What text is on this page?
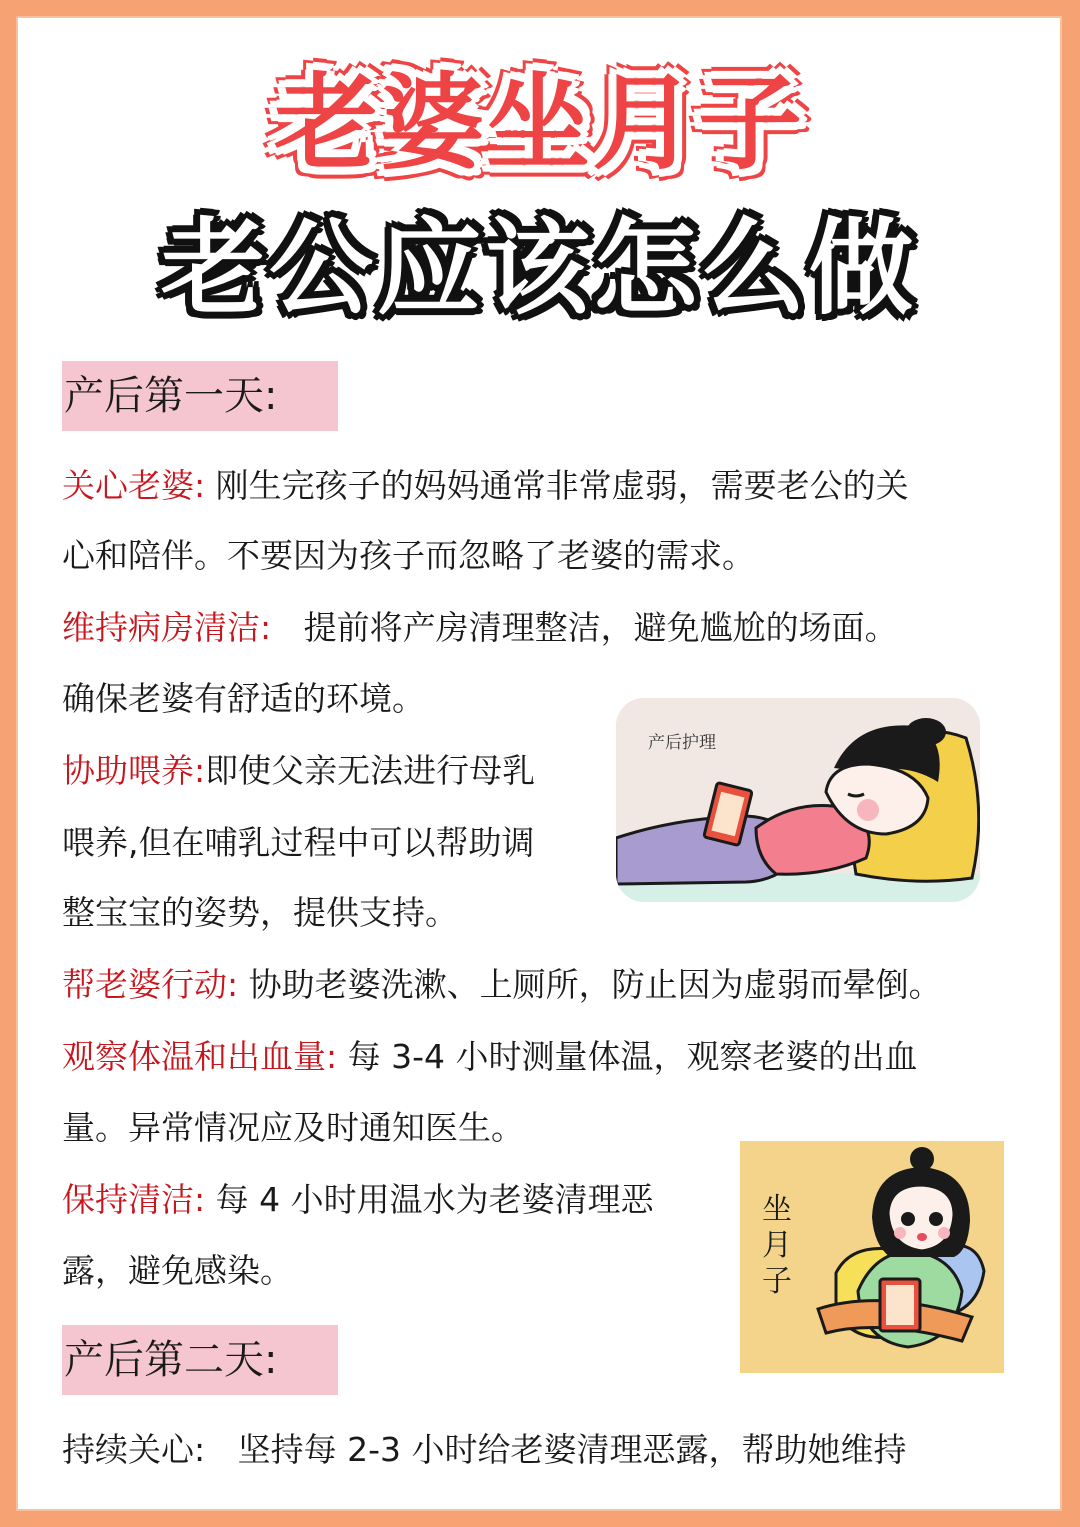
老婆坐月子
老公应该怎么做
产后第一天:
关心老婆: 刚生完孩子的妈妈通常非常虚弱，需要老公的关
心和陪伴。不要因为孩子而忽略了老婆的需求。
维持病房清洁: 提前将产房清理整洁，避免尴尬的场面。
确保老婆有舒适的环境。
协助喂养:即使父亲无法进行母乳
喂养,但在哺乳过程中可以帮助调
整宝宝的姿势，提供支持。
帮老婆行动: 协助老婆洗漱、上厕所，防止因为虚弱而晕倒。
观察体温和出血量: 每 3-4 小时测量体温，观察老婆的出血
量。异常情况应及时通知医生。
保持清洁: 每 4 小时用温水为老婆清理恶
露，避免感染。
产后第二天:
持续关心: 坚持每 2-3 小时给老婆清理恶露，帮助她维持
产后护理
坐
月
子
